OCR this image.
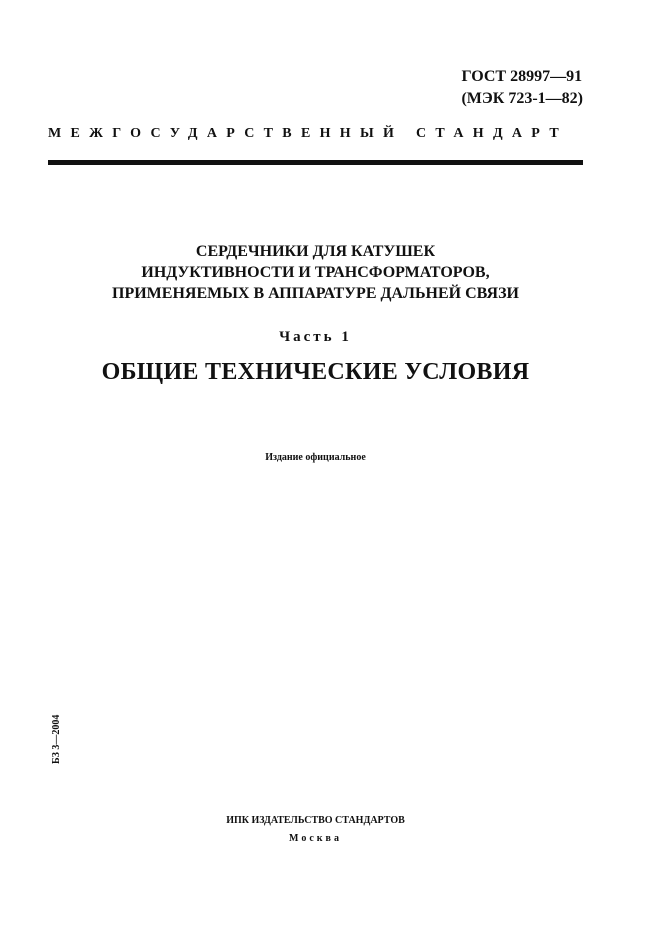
ГОСТ 28997—91
(МЭК 723-1—82)
МЕЖГОСУДАРСТВЕННЫЙ СТАНДАРТ
СЕРДЕЧНИКИ ДЛЯ КАТУШЕК
ИНДУКТИВНОСТИ И ТРАНСФОРМАТОРОВ,
ПРИМЕНЯЕМЫХ В АППАРАТУРЕ ДАЛЬНЕЙ СВЯЗИ
Часть 1
ОБЩИЕ ТЕХНИЧЕСКИЕ УСЛОВИЯ
Издание официальное
БЗ 3—2004
ИПК ИЗДАТЕЛЬСТВО СТАНДАРТОВ
Москва
